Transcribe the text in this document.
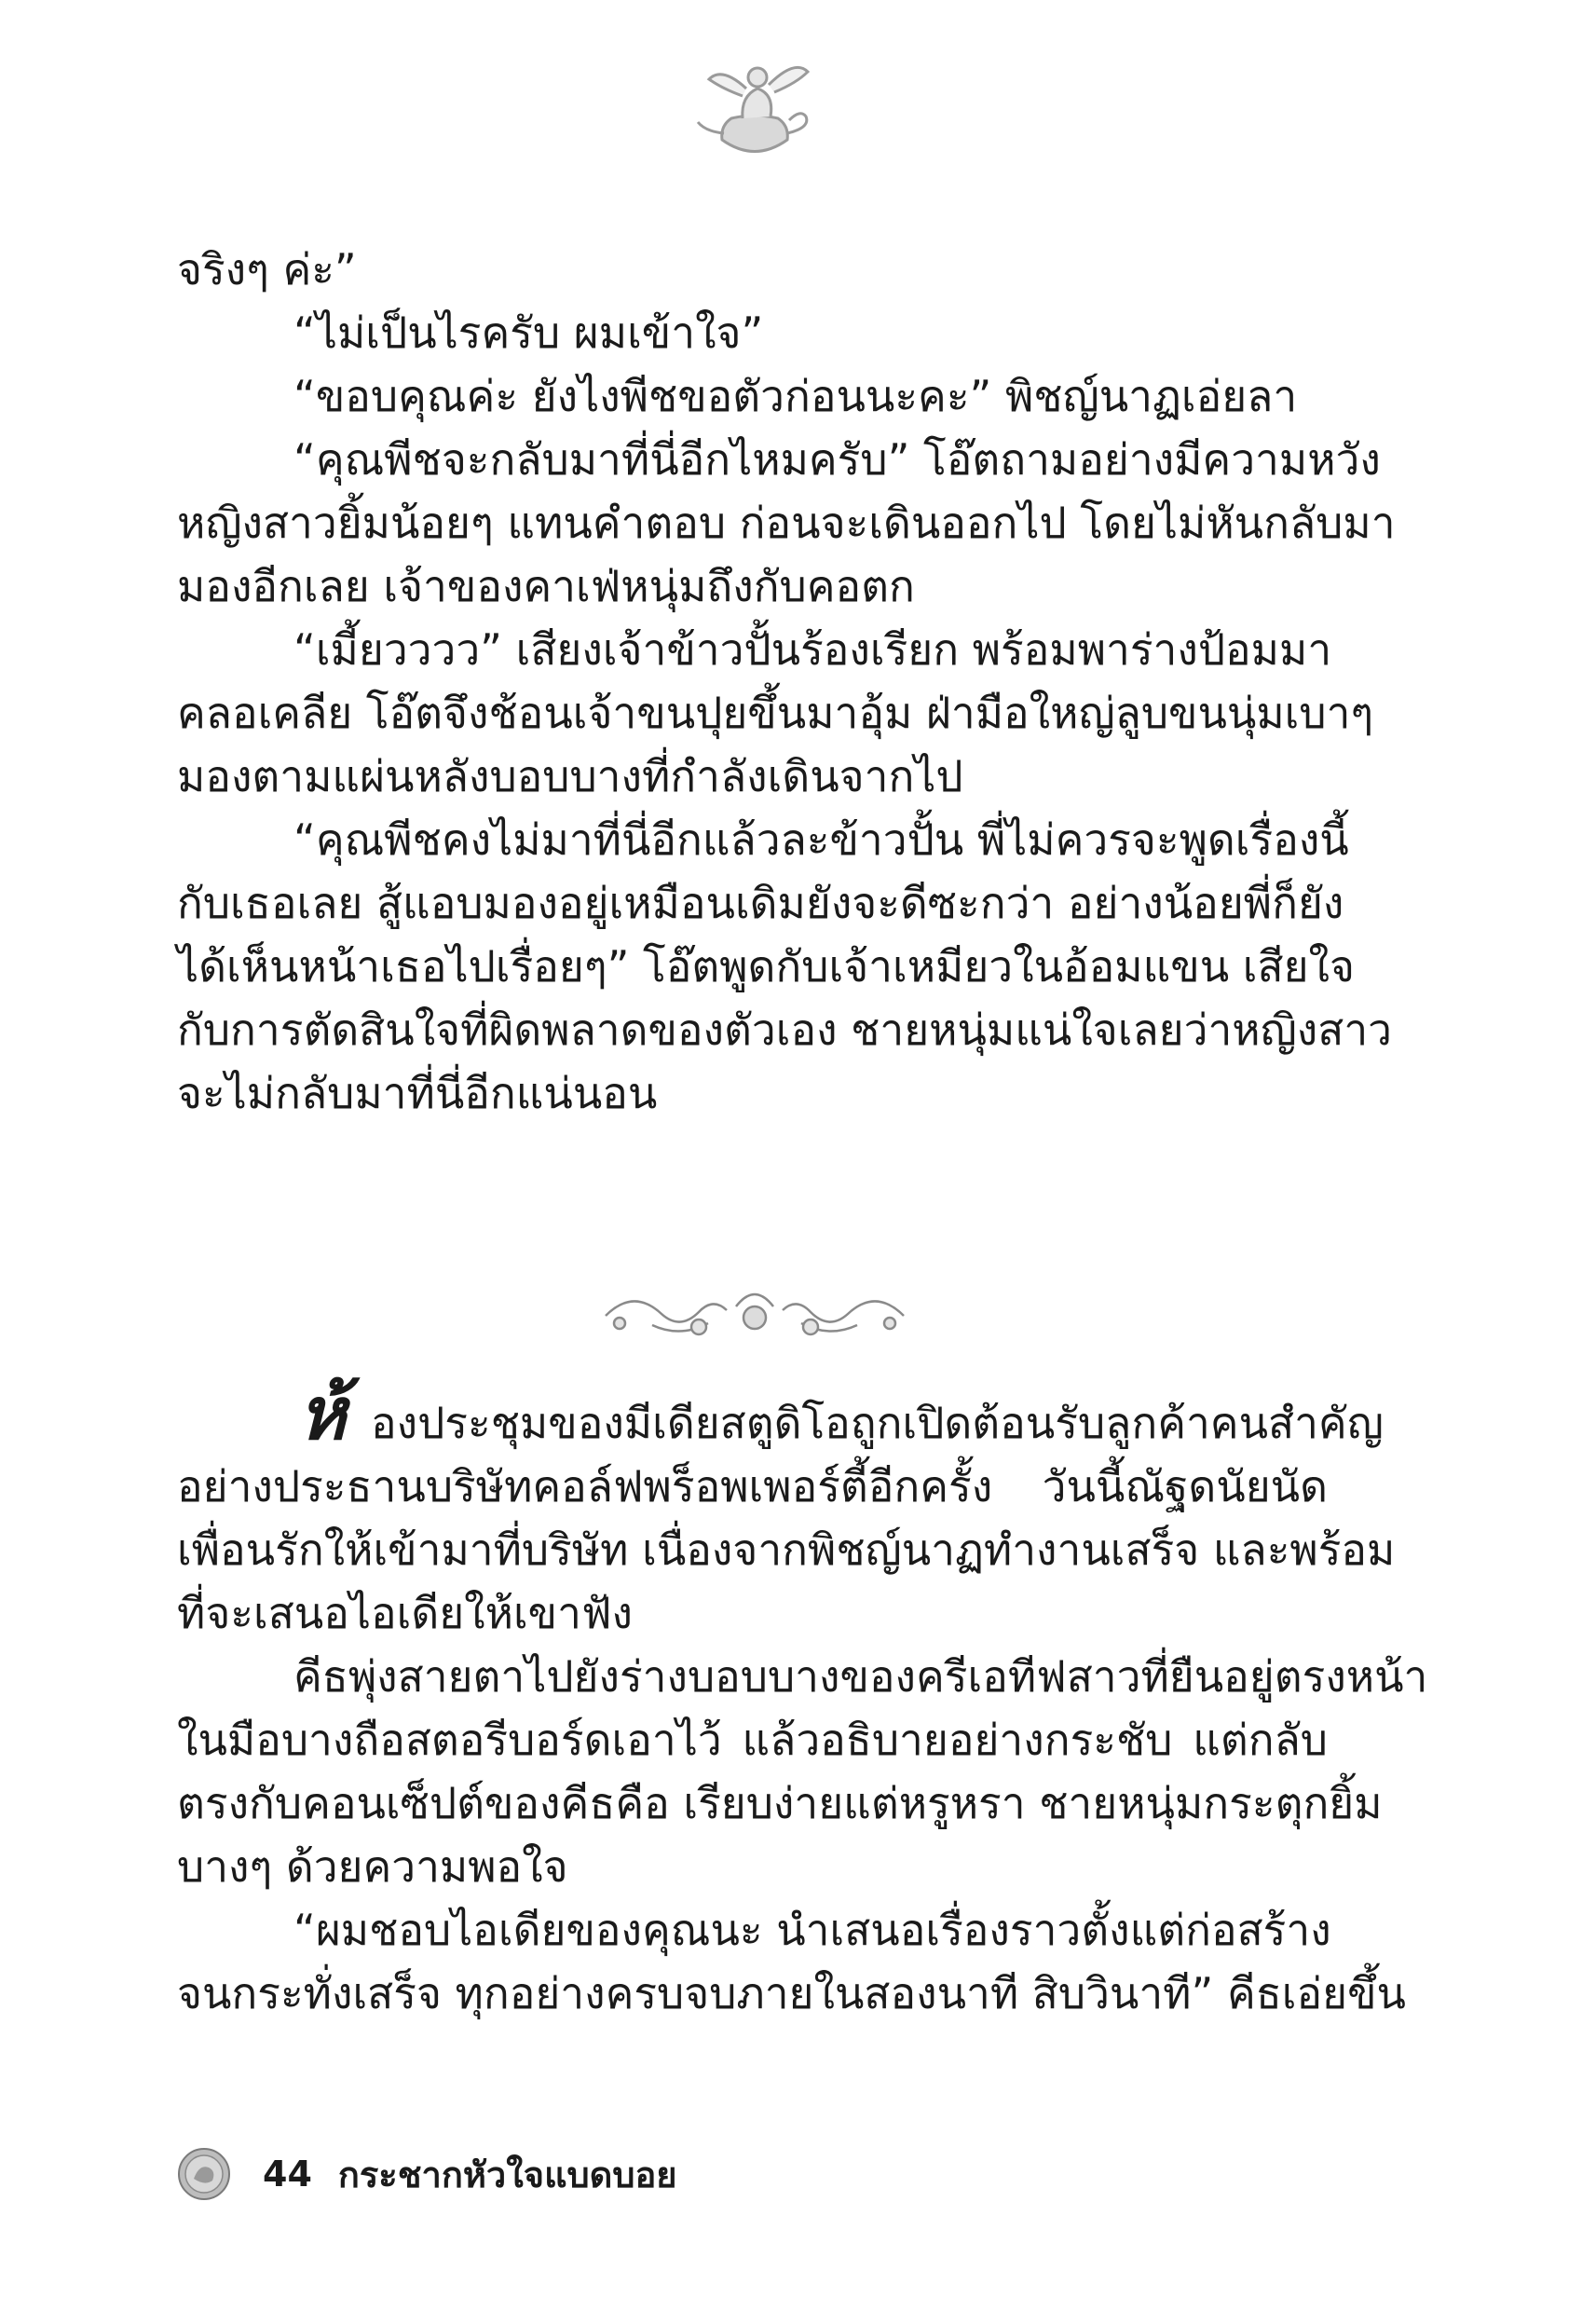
จริงๆ ค่ะ”
“ไม่เป็นไรครับ ผมเข้าใจ”
“ขอบคุณค่ะ ยังไงพีชขอตัวก่อนนะคะ” พิชญ์นาฏเอ่ยลา
“คุณพีชจะกลับมาที่นี่อีกไหมครับ” โอ๊ตถามอย่างมีความหวัง
หญิงสาวยิ้มน้อยๆ แทนคำตอบ ก่อนจะเดินออกไป โดยไม่หันกลับมา
มองอีกเลย เจ้าของคาเฟ่หนุ่มถึงกับคอตก
“เมี้ยวววว” เสียงเจ้าข้าวปั้นร้องเรียก พร้อมพาร่างป้อมมา
คลอเคลีย โอ๊ตจึงช้อนเจ้าขนปุยขึ้นมาอุ้ม ฝ่ามือใหญ่ลูบขนนุ่มเบาๆ
มองตามแผ่นหลังบอบบางที่กำลังเดินจากไป
“คุณพีชคงไม่มาที่นี่อีกแล้วละข้าวปั้น พี่ไม่ควรจะพูดเรื่องนี้
กับเธอเลย สู้แอบมองอยู่เหมือนเดิมยังจะดีซะกว่า อย่างน้อยพี่ก็ยัง
ได้เห็นหน้าเธอไปเรื่อยๆ” โอ๊ตพูดกับเจ้าเหมียวในอ้อมแขน เสียใจ
กับการตัดสินใจที่ผิดพลาดของตัวเอง ชายหนุ่มแน่ใจเลยว่าหญิงสาว
จะไม่กลับมาที่นี่อีกแน่นอน
ห้ องประชุมของมีเดียสตูดิโอถูกเปิดต้อนรับลูกค้าคนสำคัญ
อย่างประธานบริษัทคอล์ฟพร็อพเพอร์ตี้อีกครั้ง วันนี้ณัฐดนัยนัด
เพื่อนรักให้เข้ามาที่บริษัท เนื่องจากพิชญ์นาฏทำงานเสร็จ และพร้อม
ที่จะเสนอไอเดียให้เขาฟัง
คีธพุ่งสายตาไปยังร่างบอบบางของครีเอทีฟสาวที่ยืนอยู่ตรงหน้า
ในมือบางถือสตอรีบอร์ดเอาไว้ แล้วอธิบายอย่างกระชับ แต่กลับ
ตรงกับคอนเซ็ปต์ของคีธคือ เรียบง่ายแต่หรูหรา ชายหนุ่มกระตุกยิ้ม
บางๆ ด้วยความพอใจ
“ผมชอบไอเดียของคุณนะ นำเสนอเรื่องราวตั้งแต่ก่อสร้าง
จนกระทั่งเสร็จ ทุกอย่างครบจบภายในสองนาที สิบวินาที” คีธเอ่ยขึ้น
44 กระชากหัวใจแบดบอย
